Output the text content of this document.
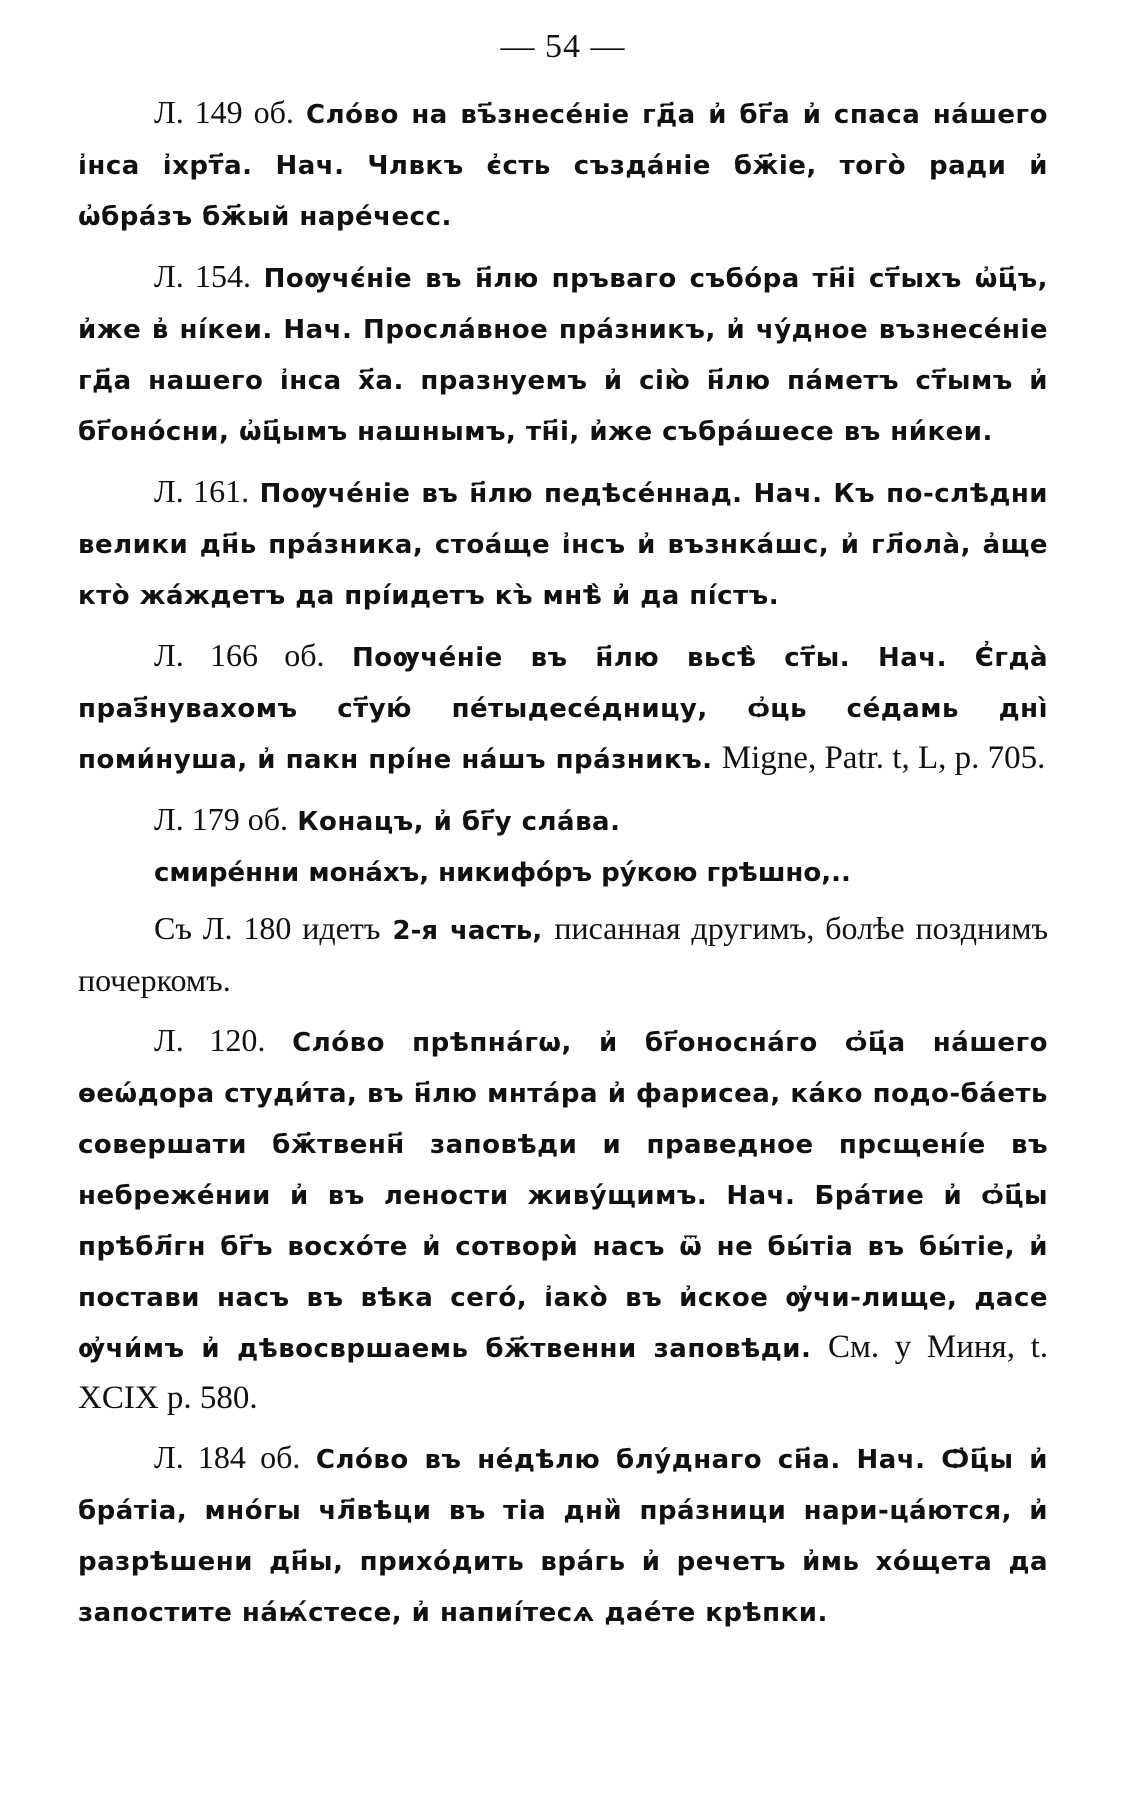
— 54 —

Л. 149 об. Сло́во на въ҃знесе́ніе гд҃а и҆ бг҃а и҆ спаса на́шего і҆нса і҆хрт҃а. Нач. Члвкъ є҆сть създа́ніе бж҃іе, того̀ ради и҆ ѡ҆бра́зъ бж҃ый наре́чесс.

Л. 154. Поѹчє́ніе въ н҃лю пръваго събо́ра тн҃і ст҃ыхъ ѡ҆ц҃ъ, и҆же в҆ ні́кеи. Нач. Просла́вное пра́зникъ, и҆ чу́дное възнесе́ніе гд҃а нашего і҆нса х҃а. празнуемъ и҆ сію̀ н҃лю па́метъ ст҃ымъ и҆ бг҃оно́сни, ѡ҆ц҃ымъ нашнымъ, тн҃і, и҆же събра́шесе въ ни́кеи.

Л. 161. Поѹче́ніе въ н҃лю педѣсе́ннад. Нач. Къ по-слѣдни велики дн҃ь пра́зника, стоа́ще і҆нсъ и҆ възнка́шс, и҆ гл҃ола̀, а҆ще кто̀ жа́ждетъ да прі́идетъ къ̀ мнѣ̀ и҆ да пі́стъ.

Л. 166 об. Поѹче́ніе въ н҃лю вьсѣ̀ ст҃ы. Нач. Є҆гда̀ праз҃нувахомъ ст҃ую́ пе́тыдесе́дницу, ѻ҆ць се́дамь дні̀ поми́нуша, и҆ пакн прі́не на́шъ пра́зникъ. Migne, Patr. t, L, p. 705.

Л. 179 об. Конацъ, и҆ бг҃у сла́ва.

смире́нни мона́хъ, никифо́ръ ру́кою грѣшно,..

Съ Л. 180 идетъ 2-я часть, писанная другимъ, болѣе позднимъ почеркомъ.

Л. 120. Сло́во прѣпна́гѡ, и҆ бг҃оносна́го ѻ҆ц҃а на́шего ѳеѡ́дора студи́та, въ н҃лю мнта́ра и҆ фарисеа, ка́ко подо-ба́еть совершати бж҃твенн҃ заповѣди и праведное прсщені́е въ небреже́нии и҆ въ лености живу́щимъ. Нач. Бра́тие и҆ ѻ҆ц҃ы прѣбл҃гн бг҃ъ восхо́те и҆ сотворѝ насъ ѿ не бы́тіа въ бы́тіе, и҆ постави насъ въ вѣка сего́, ı҆ако̀ въ и҆ское ѹ҆чи-лище, дасе ѹ҆чи́мъ и҆ дѣвосвршаемь бж҃твенни заповѣди. См. у Миня, t. XCIX p. 580.

Л. 184 об. Сло́во въ не́дѣлю блу́днаго сн҃а. Нач. Ѻ҆ц҃ы и҆ бра́тіа, мно́гы чл҃вѣци въ тіа дни̏ пра́зници нари-ца́ются, и҆ разрѣшени дн҃ы, прихо́дить вра́гь и҆ речетъ и҆мь хо́щета да запостите на́ѩ́стесе, и҆ напиі́тесѧ дае́те крѣпки.
